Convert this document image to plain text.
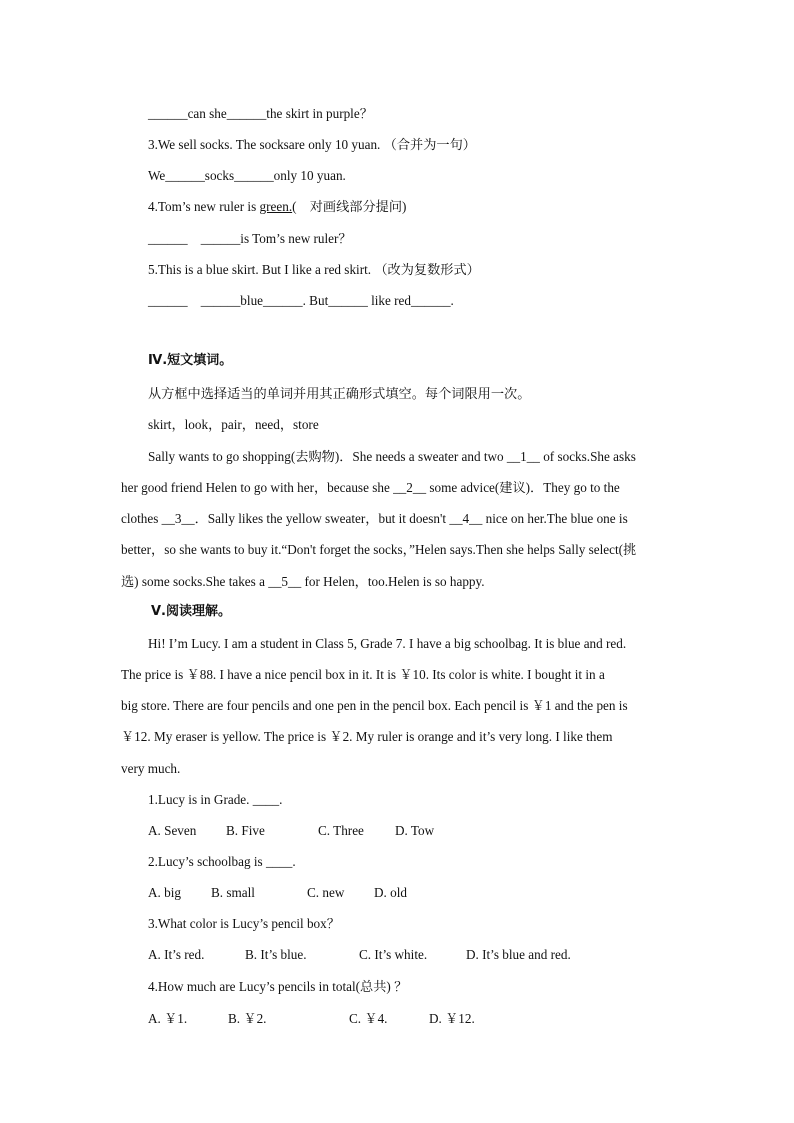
______can she______the skirt in purple？
3.We sell socks. The socksare only 10 yuan. （合并为一句）
We______socks______only 10 yuan.
4.Tom’s new ruler is green.(　对画线部分提问)
______　______is Tom’s new ruler？
5.This is a blue skirt. But I like a red skirt. （改为复数形式）
______　______blue______. But______ like red______.
Ⅳ.短文填词。
从方框中选择适当的单词并用其正确形式填空。每个词限用一次。
skirt，look，pair，need，store
Sally wants to go shopping(去购物)．She needs a sweater and two __1__ of socks.She asks
her good friend Helen to go with her，because she __2__ some advice(建议)．They go to the
clothes __3__．Sally likes the yellow sweater，but it doesn't __4__ nice on her.The blue one is
better，so she wants to buy it.“Don't forget the socks，”Helen says.Then she helps Sally select(挑
选) some socks.She takes a __5__ for Helen，too.Helen is so happy.
Ⅴ.阅读理解。
Hi! I’m Lucy. I am a student in Class 5, Grade 7. I have a big schoolbag. It is blue and red.
The price is ￥88. I have a nice pencil box in it. It is ￥10. Its color is white. I bought it in a
big store. There are four pencils and one pen in the pencil box. Each pencil is ￥1 and the pen is
￥12. My eraser is yellow. The price is ￥2. My ruler is orange and it’s very long. I like them
very much.
1.Lucy is in Grade. ____.
A. Seven B. Five	C. Three D. Tow
2.Lucy’s schoolbag is ____.
A. big B. small	C. new D. old
3.What color is Lucy’s pencil box？
A. It’s red.	B. It’s blue.	C. It’s white.	D. It’s blue and red.
4.How much are Lucy’s pencils in total(总共) ？
A. ￥1.	B. ￥2.	C. ￥4.	D. ￥12.
